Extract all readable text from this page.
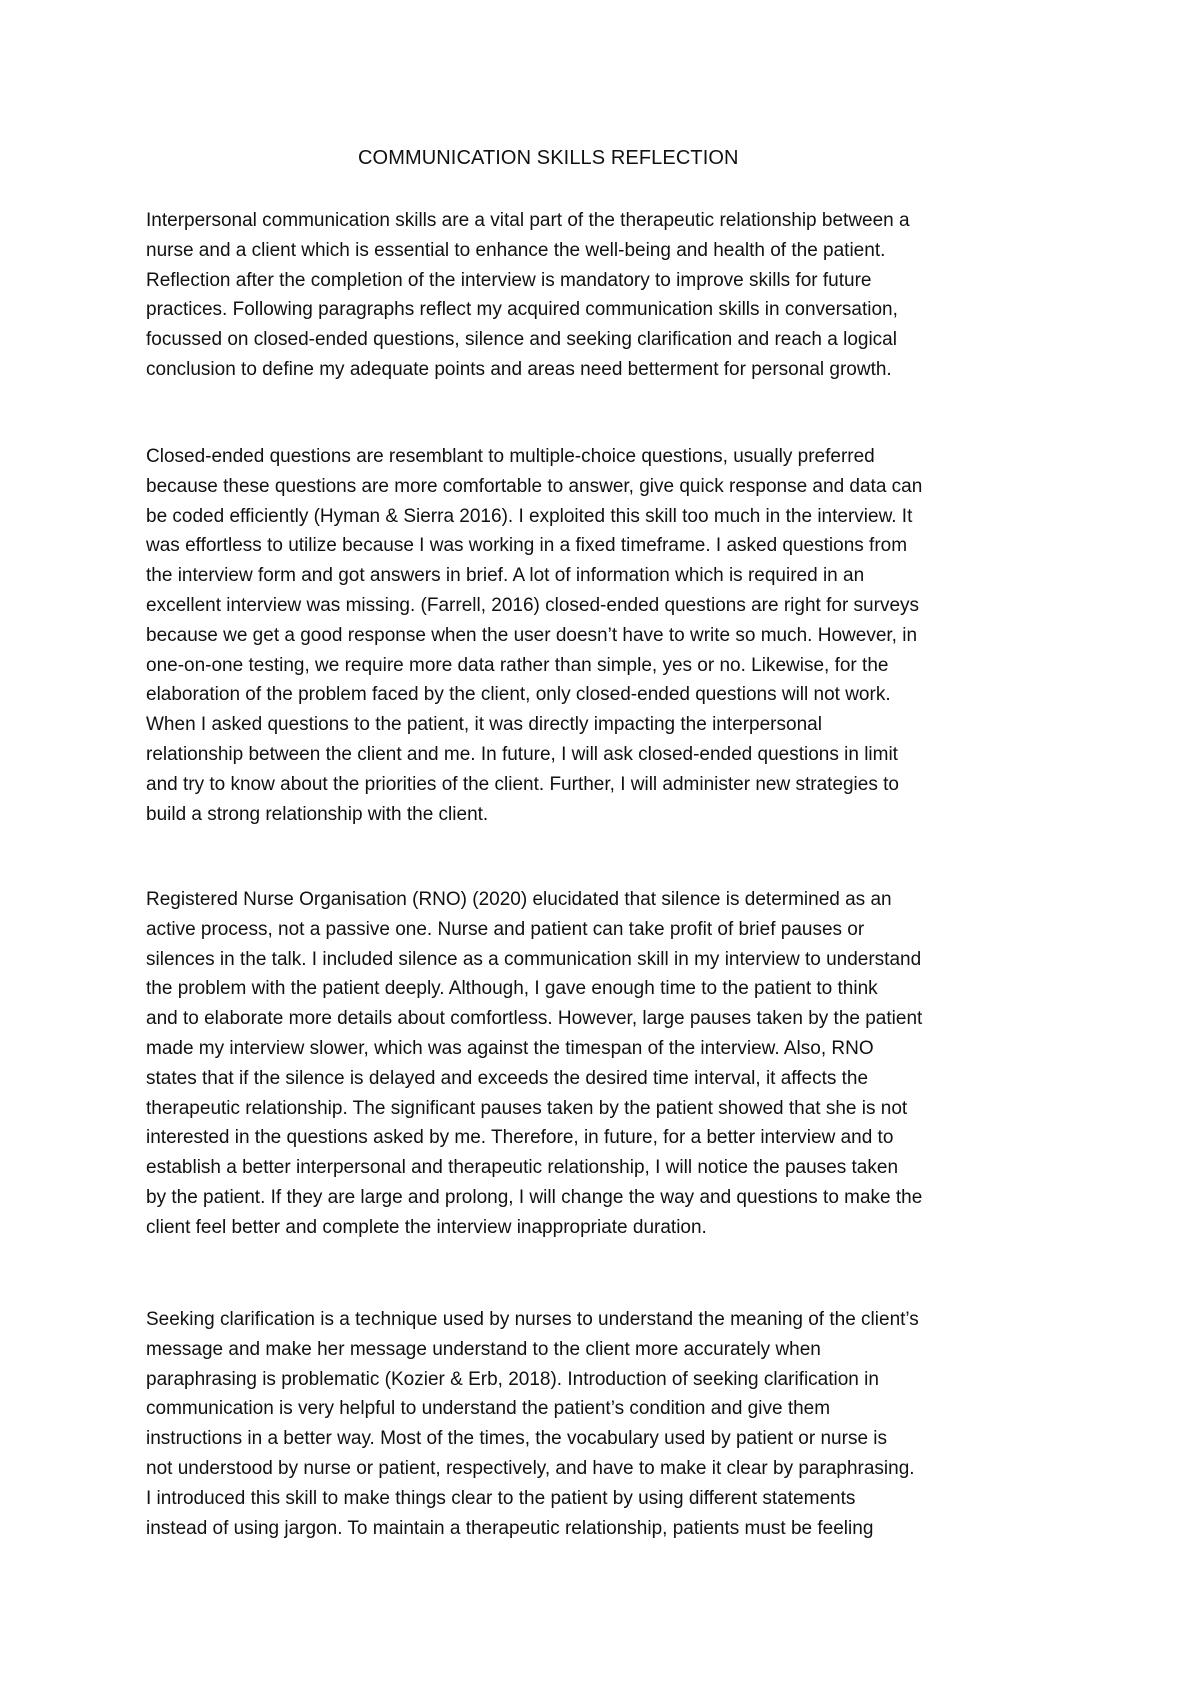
COMMUNICATION SKILLS REFLECTION
Interpersonal communication skills are a vital part of the therapeutic relationship between a
nurse and a client which is essential to enhance the well-being and health of the patient.
Reflection after the completion of the interview is mandatory to improve skills for future
practices. Following paragraphs reflect my acquired communication skills in conversation,
focussed on closed-ended questions, silence and seeking clarification and reach a logical
conclusion to define my adequate points and areas need betterment for personal growth.
Closed-ended questions are resemblant to multiple-choice questions, usually preferred
because these questions are more comfortable to answer, give quick response and data can
be coded efficiently (Hyman & Sierra 2016). I exploited this skill too much in the interview. It
was effortless to utilize because I was working in a fixed timeframe. I asked questions from
the interview form and got answers in brief. A lot of information which is required in an
excellent interview was missing. (Farrell, 2016) closed-ended questions are right for surveys
because we get a good response when the user doesn’t have to write so much. However, in
one-on-one testing, we require more data rather than simple, yes or no. Likewise, for the
elaboration of the problem faced by the client, only closed-ended questions will not work.
When I asked questions to the patient, it was directly impacting the interpersonal
relationship between the client and me. In future, I will ask closed-ended questions in limit
and try to know about the priorities of the client. Further, I will administer new strategies to
build a strong relationship with the client.
Registered Nurse Organisation (RNO) (2020) elucidated that silence is determined as an
active process, not a passive one. Nurse and patient can take profit of brief pauses or
silences in the talk. I included silence as a communication skill in my interview to understand
the problem with the patient deeply. Although, I gave enough time to the patient to think
and to elaborate more details about comfortless. However, large pauses taken by the patient
made my interview slower, which was against the timespan of the interview. Also, RNO
states that if the silence is delayed and exceeds the desired time interval, it affects the
therapeutic relationship. The significant pauses taken by the patient showed that she is not
interested in the questions asked by me. Therefore, in future, for a better interview and to
establish a better interpersonal and therapeutic relationship, I will notice the pauses taken
by the patient. If they are large and prolong, I will change the way and questions to make the
client feel better and complete the interview inappropriate duration.
Seeking clarification is a technique used by nurses to understand the meaning of the client’s
message and make her message understand to the client more accurately when
paraphrasing is problematic (Kozier & Erb, 2018). Introduction of seeking clarification in
communication is very helpful to understand the patient’s condition and give them
instructions in a better way. Most of the times, the vocabulary used by patient or nurse is
not understood by nurse or patient, respectively, and have to make it clear by paraphrasing.
I introduced this skill to make things clear to the patient by using different statements
instead of using jargon. To maintain a therapeutic relationship, patients must be feeling
